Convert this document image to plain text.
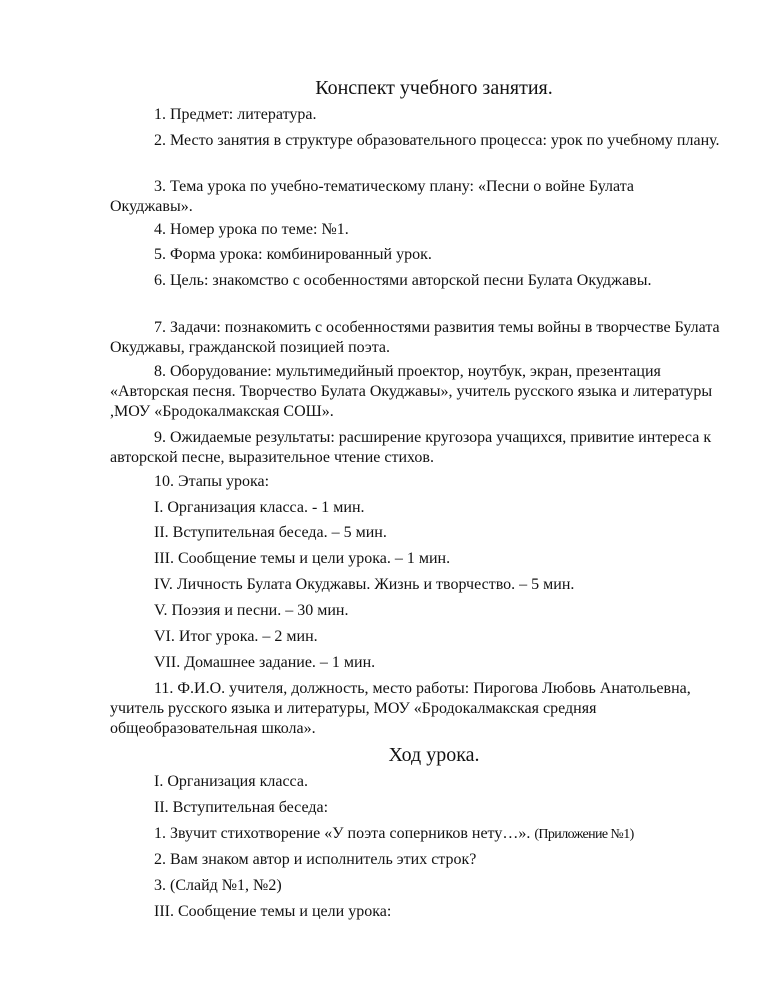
Конспект учебного занятия.

1. Предмет: литература.

2. Место занятия в структуре образовательного процесса: урок по учебному плану.

3. Тема урока по учебно-тематическому плану: «Песни о войне Булата Окуджавы».

4. Номер урока по теме: №1.

5. Форма урока: комбинированный урок.

6. Цель: знакомство с особенностями авторской песни Булата Окуджавы.

7. Задачи: познакомить с особенностями развития темы войны в творчестве Булата Окуджавы, гражданской позицией поэта.

8. Оборудование: мультимедийный проектор, ноутбук, экран, презентация «Авторская песня. Творчество Булата Окуджавы», учитель русского языка и литературы ,МОУ «Бродокалмакская СОШ».

9. Ожидаемые результаты: расширение кругозора учащихся, привитие интереса к авторской песне, выразительное чтение стихов.

10. Этапы урока:

I. Организация класса. - 1 мин.

II. Вступительная беседа. – 5 мин.

III. Сообщение темы и цели урока. – 1 мин.

IV. Личность Булата Окуджавы. Жизнь и творчество. – 5 мин.

V. Поэзия и песни. – 30 мин.

VI. Итог урока. – 2 мин.

VII. Домашнее задание. – 1 мин.

11. Ф.И.О. учителя, должность, место работы: Пирогова Любовь Анатольевна, учитель русского языка и литературы, МОУ «Бродокалмакская средняя общеобразовательная школа».

Ход урока.

I. Организация класса.

II. Вступительная беседа:

1. Звучит стихотворение «У поэта соперников нету…». (Приложение №1)

2. Вам знаком автор и исполнитель этих строк?

3. (Слайд №1, №2)

III. Сообщение темы и цели урока:
